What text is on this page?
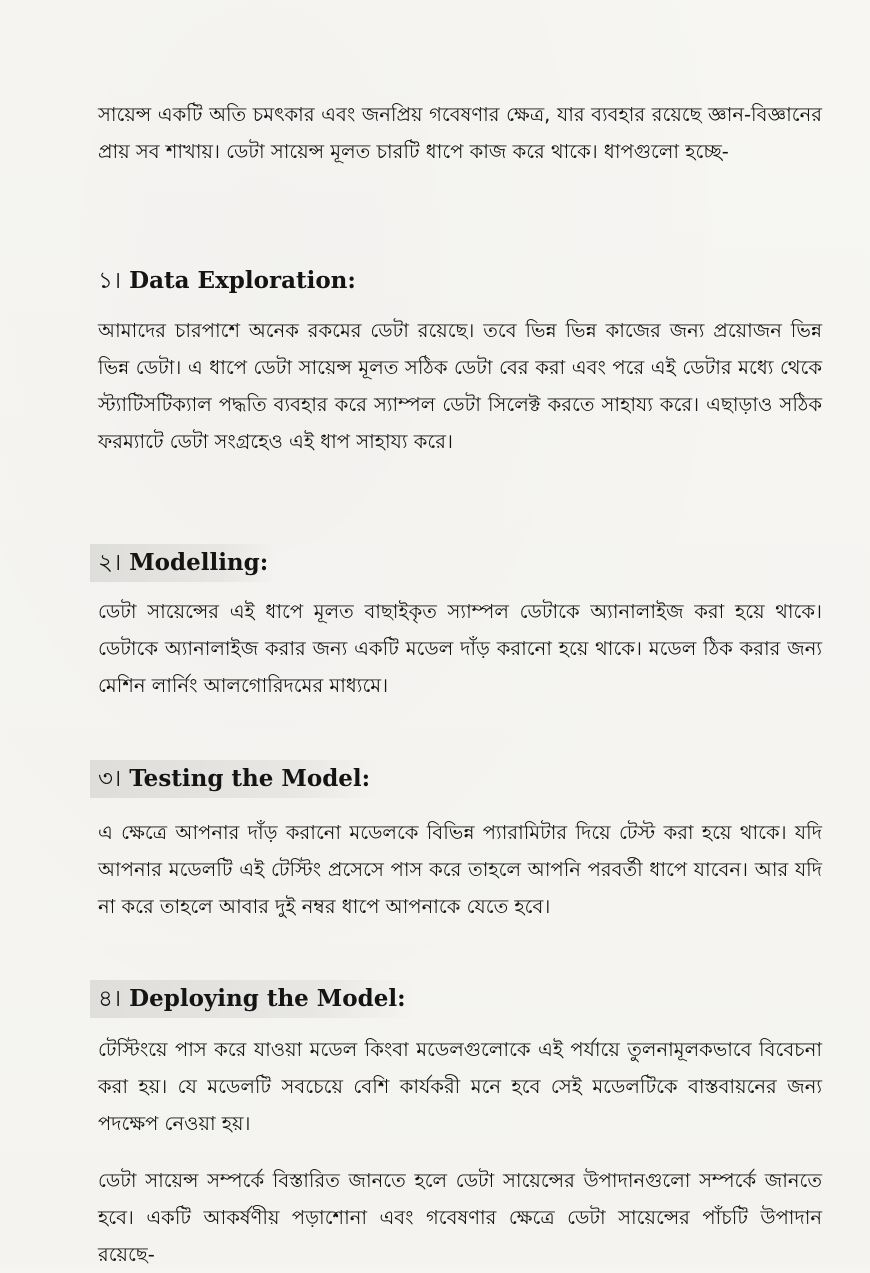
সায়েন্স একটি অতি চমৎকার এবং জনপ্রিয় গবেষণার ক্ষেত্র, যার ব্যবহার রয়েছে জ্ঞান-বিজ্ঞানের প্রায় সব শাখায়। ডেটা সায়েন্স মূলত চারটি ধাপে কাজ করে থাকে। ধাপগুলো হচ্ছে-

১। Data Exploration:

আমাদের চারপাশে অনেক রকমের ডেটা রয়েছে। তবে ভিন্ন ভিন্ন কাজের জন্য প্রয়োজন ভিন্ন ভিন্ন ডেটা। এ ধাপে ডেটা সায়েন্স মূলত সঠিক ডেটা বের করা এবং পরে এই ডেটার মধ্যে থেকে স্ট্যাটিসটিক্যাল পদ্ধতি ব্যবহার করে স্যাম্পল ডেটা সিলেক্ট করতে সাহায্য করে। এছাড়াও সঠিক ফরম্যাটে ডেটা সংগ্রহেও এই ধাপ সাহায্য করে।

২। Modelling:

ডেটা সায়েন্সের এই ধাপে মূলত বাছাইকৃত স্যাম্পল ডেটাকে অ্যানালাইজ করা হয়ে থাকে। ডেটাকে অ্যানালাইজ করার জন্য একটি মডেল দাঁড় করানো হয়ে থাকে। মডেল ঠিক করার জন্য মেশিন লার্নিং আলগোরিদমের মাধ্যমে।

৩। Testing the Model:

এ ক্ষেত্রে আপনার দাঁড় করানো মডেলকে বিভিন্ন প্যারামিটার দিয়ে টেস্ট করা হয়ে থাকে। যদি আপনার মডেলটি এই টেস্টিং প্রসেসে পাস করে তাহলে আপনি পরবর্তী ধাপে যাবেন। আর যদি না করে তাহলে আবার দুই নম্বর ধাপে আপনাকে যেতে হবে।

৪। Deploying the Model:

টেস্টিংয়ে পাস করে যাওয়া মডেল কিংবা মডেলগুলোকে এই পর্যায়ে তুলনামূলকভাবে বিবেচনা করা হয়। যে মডেলটি সবচেয়ে বেশি কার্যকরী মনে হবে সেই মডেলটিকে বাস্তবায়নের জন্য পদক্ষেপ নেওয়া হয়।

ডেটা সায়েন্স সম্পর্কে বিস্তারিত জানতে হলে ডেটা সায়েন্সের উপাদানগুলো সম্পর্কে জানতে হবে। একটি আকর্ষণীয় পড়াশোনা এবং গবেষণার ক্ষেত্রে ডেটা সায়েন্সের পাঁচটি উপাদান রয়েছে-
